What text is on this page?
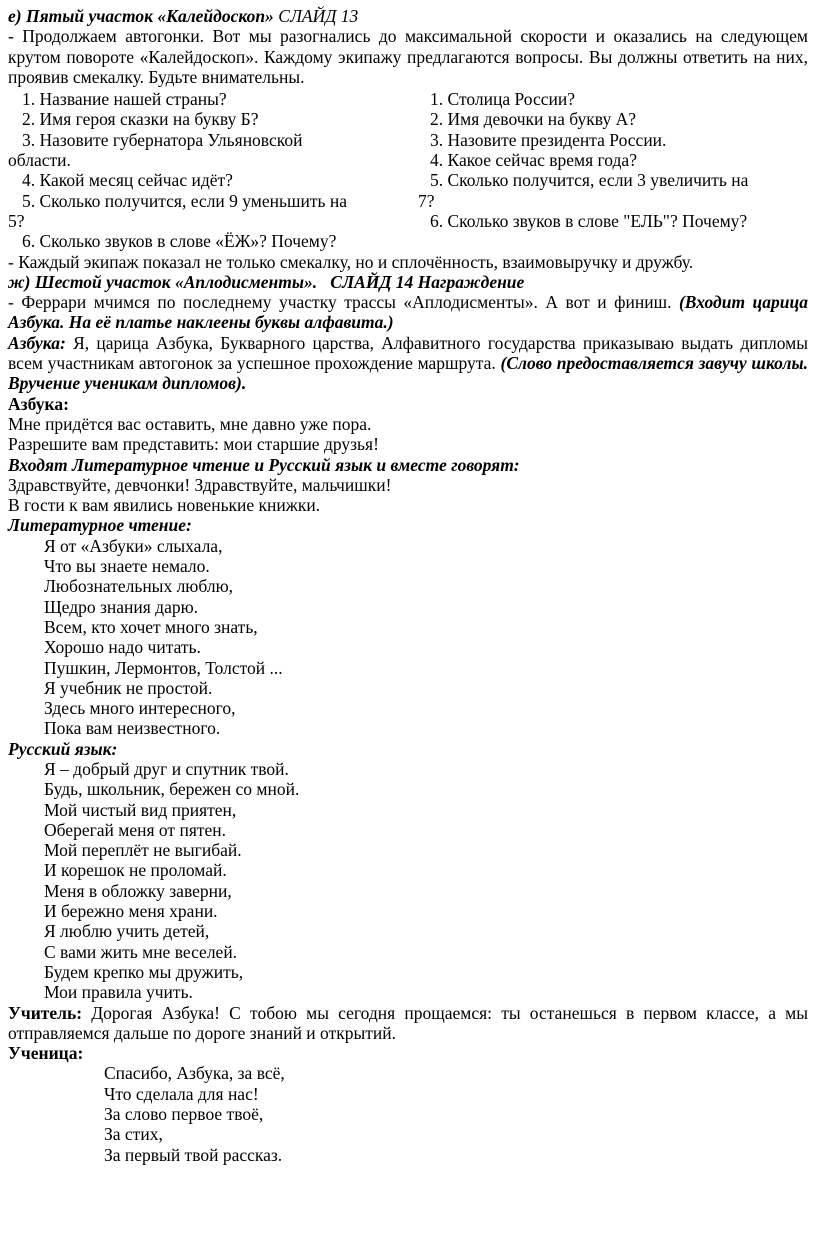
е) Пятый участок «Калейдоскоп» СЛАЙД 13

- Продолжаем автогонки. Вот мы разогнались до максимальной скорости и оказались на следующем крутом повороте «Калейдоскоп». Каждому экипажу предлагаются вопросы. Вы должны ответить на них, проявив смекалку. Будьте внимательны.

1. Название нашей страны?

2. Имя героя сказки на букву Б?

3. Назовите губернатора Ульяновской

области.

4. Какой месяц сейчас идёт?

5. Сколько получится, если 9 уменьшить на

5?

6. Сколько звуков в слове «ЁЖ»? Почему?

1. Столица России?

2. Имя девочки на букву А?

3. Назовите президента России.

4. Какое сейчас время года?

5. Сколько получится, если 3 увеличить на

7?

6. Сколько звуков в слове "ЕЛЬ"? Почему?

- Каждый экипаж показал не только смекалку, но и сплочённость, взаимовыручку и дружбу.

ж) Шестой участок «Аплодисменты». СЛАЙД 14 Награждение

- Феррари мчимся по последнему участку трассы «Аплодисменты». А вот и финиш. (Входит царица Азбука. На её платье наклеены буквы алфавита.)

Азбука: Я, царица Азбука, Букварного царства, Алфавитного государства приказываю выдать дипломы всем участникам автогонок за успешное прохождение маршрута. (Слово предоставляется завучу школы. Вручение ученикам дипломов).

Азбука:

Мне придётся вас оставить, мне давно уже пора.

Разрешите вам представить: мои старшие друзья!

Входят Литературное чтение и Русский язык и вместе говорят:

Здравствуйте, девчонки! Здравствуйте, мальчишки!

В гости к вам явились новенькие книжки.

Литературное чтение:

Я от «Азбуки» слыхала,

Что вы знаете немало.

Любознательных люблю,

Щедро знания дарю.

Всем, кто хочет много знать,

Хорошо надо читать.

Пушкин, Лермонтов, Толстой ...

Я учебник не простой.

Здесь много интересного,

Пока вам неизвестного.

Русский язык:

Я – добрый друг и спутник твой.

Будь, школьник, бережен со мной.

Мой чистый вид приятен,

Оберегай меня от пятен.

Мой переплёт не выгибай.

И корешок не проломай.

Меня в обложку заверни,

И бережно меня храни.

Я люблю учить детей,

С вами жить мне веселей.

Будем крепко мы дружить,

Мои правила учить.

Учитель: Дорогая Азбука! С тобою мы сегодня прощаемся: ты останешься в первом классе, а мы отправляемся дальше по дороге знаний и открытий.

Ученица:

Спасибо, Азбука, за всё,

Что сделала для нас!

За слово первое твоё,

За стих,

За первый твой рассказ.
